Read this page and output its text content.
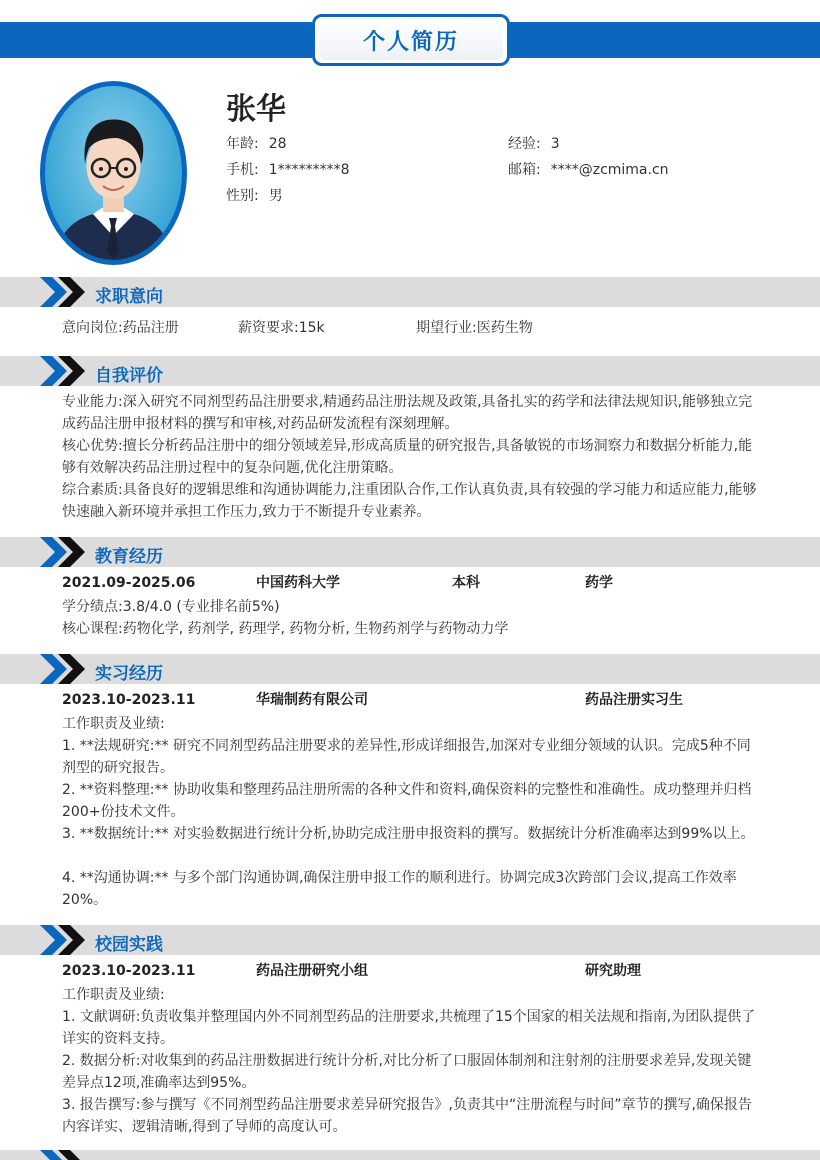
个人简历
张华
年龄: 28	经验: 3
手机: 1*********8	邮箱: ****@zcmima.cn
性别: 男
求职意向
意向岗位:药品注册	薪资要求:15k	期望行业:医药生物
自我评价
专业能力:深入研究不同剂型药品注册要求,精通药品注册法规及政策,具备扎实的药学和法律法规知识,能够独立完成药品注册申报材料的撰写和审核,对药品研发流程有深刻理解。
核心优势:擅长分析药品注册中的细分领域差异,形成高质量的研究报告,具备敏锐的市场洞察力和数据分析能力,能够有效解决药品注册过程中的复杂问题,优化注册策略。
综合素质:具备良好的逻辑思维和沟通协调能力,注重团队合作,工作认真负责,具有较强的学习能力和适应能力,能够快速融入新环境并承担工作压力,致力于不断提升专业素养。
教育经历
2021.09-2025.06	中国药科大学	本科	药学
学分绩点:3.8/4.0 (专业排名前5%)
核心课程:药物化学, 药剂学, 药理学, 药物分析, 生物药剂学与药物动力学
实习经历
2023.10-2023.11	华瑞制药有限公司	药品注册实习生
工作职责及业绩:
1. **法规研究:** 研究不同剂型药品注册要求的差异性,形成详细报告,加深对专业细分领域的认识。完成5种不同剂型的研究报告。
2. **资料整理:** 协助收集和整理药品注册所需的各种文件和资料,确保资料的完整性和准确性。成功整理并归档200+份技术文件。
3. **数据统计:** 对实验数据进行统计分析,协助完成注册申报资料的撰写。数据统计分析准确率达到99%以上。
4. **沟通协调:** 与多个部门沟通协调,确保注册申报工作的顺利进行。协调完成3次跨部门会议,提高工作效率20%。
校园实践
2023.10-2023.11	药品注册研究小组	研究助理
工作职责及业绩:
1. 文献调研:负责收集并整理国内外不同剂型药品的注册要求,共梳理了15个国家的相关法规和指南,为团队提供了详实的资料支持。
2. 数据分析:对收集到的药品注册数据进行统计分析,对比分析了口服固体制剂和注射剂的注册要求差异,发现关键差异点12项,准确率达到95%。
3. 报告撰写:参与撰写《不同剂型药品注册要求差异研究报告》,负责其中“注册流程与时间”章节的撰写,确保报告内容详实、逻辑清晰,得到了导师的高度认可。
